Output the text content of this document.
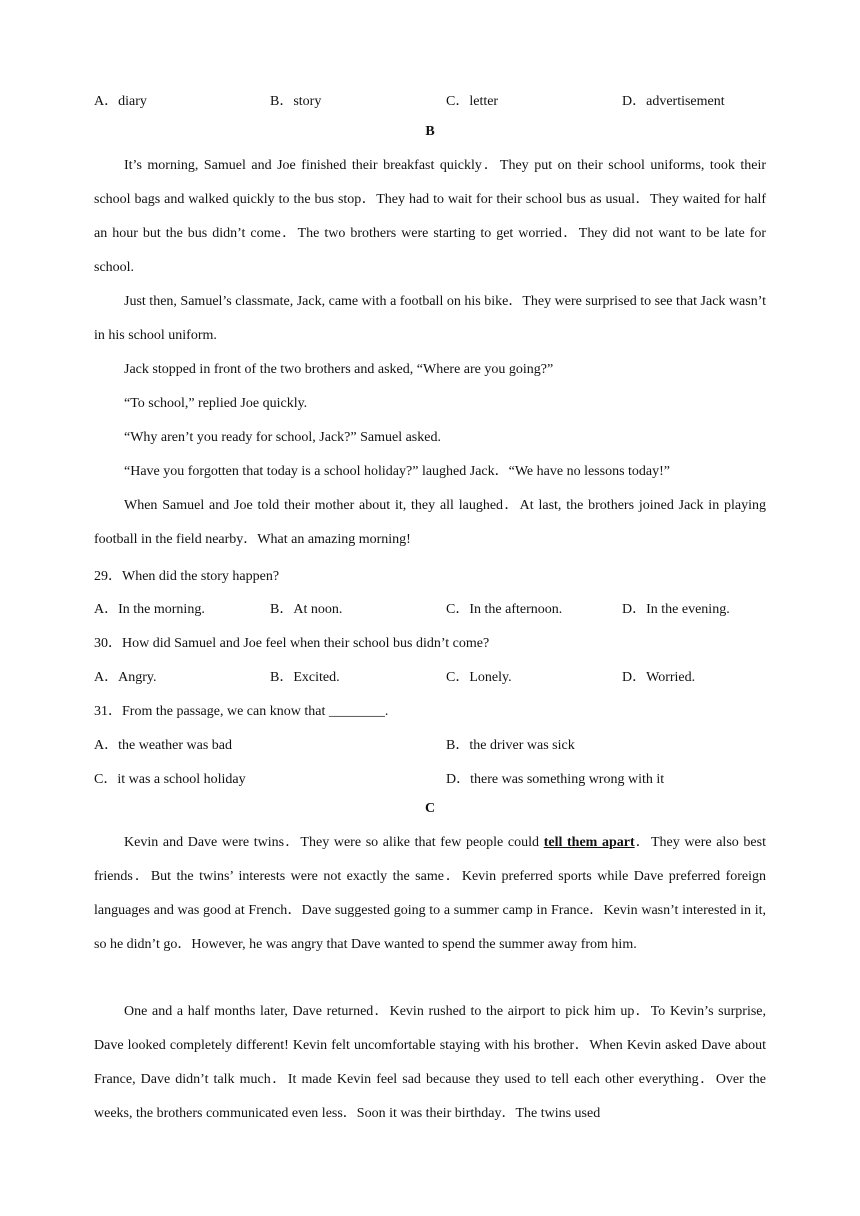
A．diary	B．story	C．letter	D．advertisement
B

It’s morning, Samuel and Joe finished their breakfast quickly．They put on their school uniforms, took their school bags and walked quickly to the bus stop．They had to wait for their school bus as usual．They waited for half an hour but the bus didn’t come．The two brothers were starting to get worried．They did not want to be late for school.

Just then, Samuel’s classmate, Jack, came with a football on his bike．They were surprised to see that Jack wasn’t in his school uniform.

Jack stopped in front of the two brothers and asked, “Where are you going?”

“To school,” replied Joe quickly.

“Why aren’t you ready for school, Jack?” Samuel asked.

“Have you forgotten that today is a school holiday?” laughed Jack．“We have no lessons today!”

When Samuel and Joe told their mother about it, they all laughed．At last, the brothers joined Jack in playing football in the field nearby．What an amazing morning!

29．When did the story happen?
A．In the morning.	B．At noon.	C．In the afternoon.	D．In the evening.
30．How did Samuel and Joe feel when their school bus didn’t come?
A．Angry.	B．Excited.	C．Lonely.	D．Worried.
31．From the passage, we can know that ________.
A．the weather was bad	B．the driver was sick
C．it was a school holiday	D．there was something wrong with it
C

Kevin and Dave were twins．They were so alike that few people could tell them apart．They were also best friends．But the twins’ interests were not exactly the same．Kevin preferred sports while Dave preferred foreign languages and was good at French．Dave suggested going to a summer camp in France．Kevin wasn’t interested in it, so he didn’t go．However, he was angry that Dave wanted to spend the summer away from him.

One and a half months later, Dave returned．Kevin rushed to the airport to pick him up．To Kevin’s surprise, Dave looked completely different! Kevin felt uncomfortable staying with his brother．When Kevin asked Dave about France, Dave didn’t talk much．It made Kevin feel sad because they used to tell each other everything．Over the weeks, the brothers communicated even less．Soon it was their birthday．The twins used
